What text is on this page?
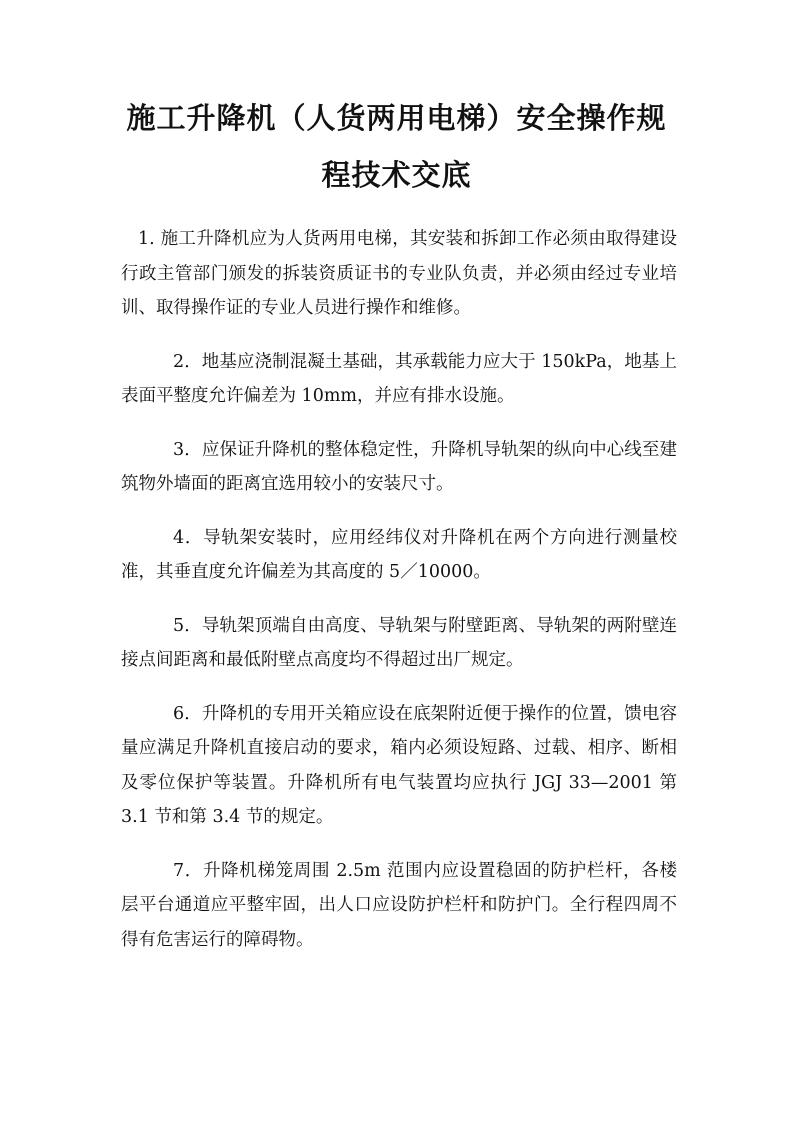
施工升降机（人货两用电梯）安全操作规
程技术交底

1. 施工升降机应为人货两用电梯，其安装和拆卸工作必须由取得建设行政主管部门颁发的拆装资质证书的专业队负责，并必须由经过专业培训、取得操作证的专业人员进行操作和维修。

2．地基应浇制混凝土基础，其承载能力应大于 150kPa，地基上表面平整度允许偏差为 10mm，并应有排水设施。

3．应保证升降机的整体稳定性，升降机导轨架的纵向中心线至建筑物外墙面的距离宜选用较小的安装尺寸。

4．导轨架安装时，应用经纬仪对升降机在两个方向进行测量校准，其垂直度允许偏差为其高度的 5／10000。

5．导轨架顶端自由高度、导轨架与附壁距离、导轨架的两附壁连接点间距离和最低附壁点高度均不得超过出厂规定。

6．升降机的专用开关箱应设在底架附近便于操作的位置，馈电容量应满足升降机直接启动的要求，箱内必须设短路、过载、相序、断相及零位保护等装置。升降机所有电气装置均应执行 JGJ 33—2001 第 3.1 节和第 3.4 节的规定。

7．升降机梯笼周围 2.5m 范围内应设置稳固的防护栏杆，各楼层平台通道应平整牢固，出人口应设防护栏杆和防护门。全行程四周不得有危害运行的障碍物。
